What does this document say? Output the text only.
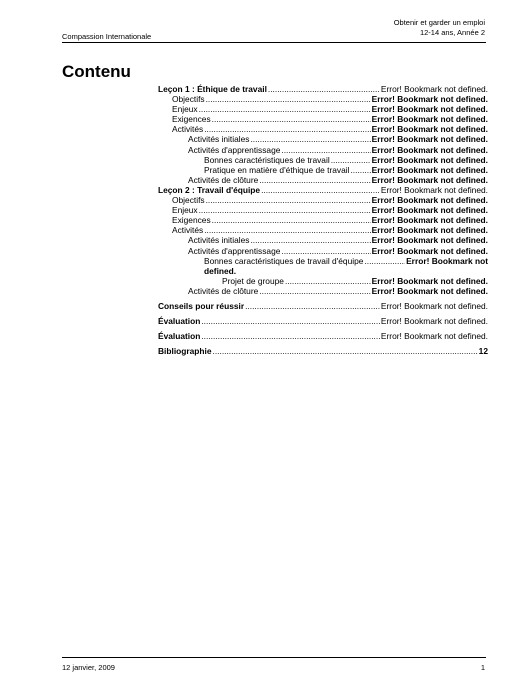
Compassion Internationale
Obtenir et garder un emploi
12-14 ans, Année 2
Contenu
Leçon 1 : Éthique de travail .....	Error! Bookmark not defined.
Objectifs .....	Error! Bookmark not defined.
Enjeux .....	Error! Bookmark not defined.
Exigences .....	Error! Bookmark not defined.
Activités .....	Error! Bookmark not defined.
Activités initiales .....	Error! Bookmark not defined.
Activités d'apprentissage .....	Error! Bookmark not defined.
Bonnes caractéristiques de travail .....	Error! Bookmark not defined.
Pratique en matière d'éthique de travail .....	Error! Bookmark not defined.
Activités de clôture .....	Error! Bookmark not defined.
Leçon 2 : Travail d'équipe .....	Error! Bookmark not defined.
Objectifs .....	Error! Bookmark not defined.
Enjeux .....	Error! Bookmark not defined.
Exigences .....	Error! Bookmark not defined.
Activités .....	Error! Bookmark not defined.
Activités initiales .....	Error! Bookmark not defined.
Activités d'apprentissage .....	Error! Bookmark not defined.
Bonnes caractéristiques de travail d'équipe .....	Error! Bookmark not
defined.
Projet de groupe .....	Error! Bookmark not defined.
Activités de clôture .....	Error! Bookmark not defined.
Conseils pour réussir .....	Error! Bookmark not defined.
Évaluation .....	Error! Bookmark not defined.
Évaluation .....	Error! Bookmark not defined.
Bibliographie .....	12
12 janvier, 2009	1
